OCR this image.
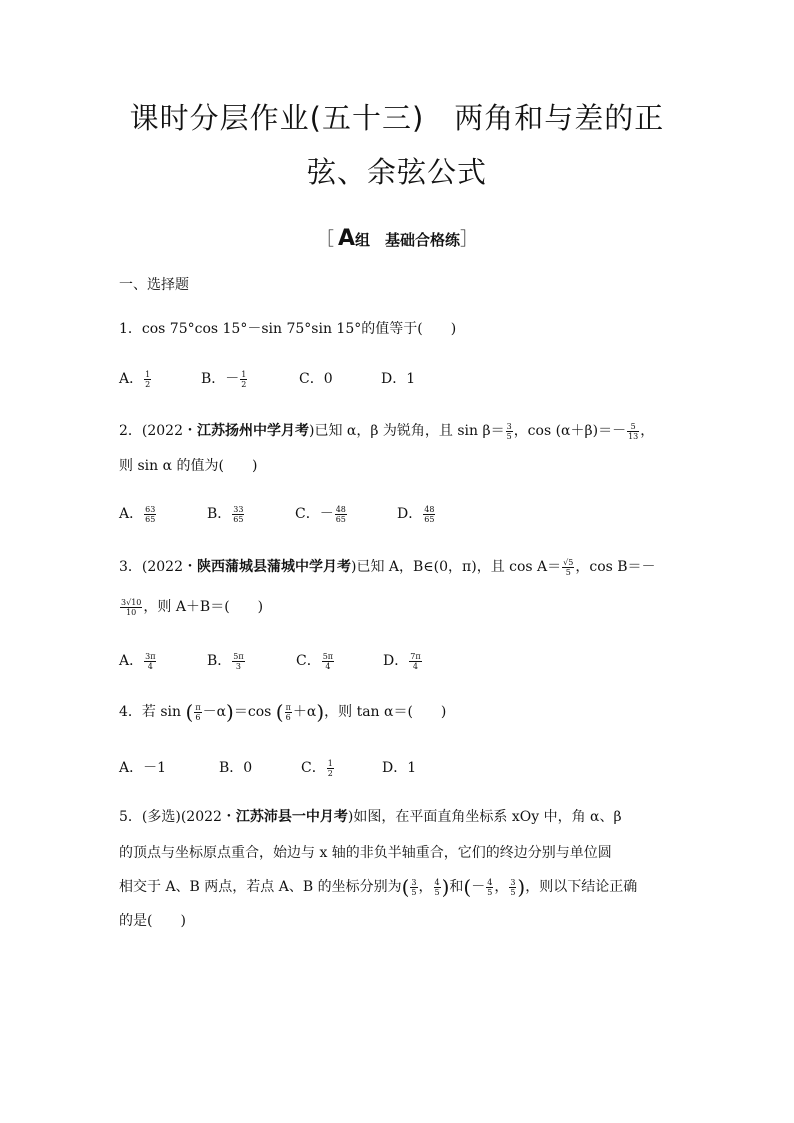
课时分层作业(五十三)　两角和与差的正
弦、余弦公式
［ A组　基础合格练］
一、选择题
1．cos 75°cos 15°－sin 75°sin 15°的值等于(　　)
A． $\frac{1}{2}$	B．－ $\frac{1}{2}$	C．0	D．1
2．(2022・江苏扬州中学月考)已知 α，β 为锐角，且 $\sin \beta= \frac{3}{5}$ ，$\cos (\alpha+\beta)=- \frac{5}{13}$ ，
则 sin α 的值为(　　)
A． $\frac{63}{65}$	B． $\frac{33}{65}$	C．－ $\frac{48}{65}$	D． $\frac{48}{65}$
3．(2022・陕西蒲城县蒲城中学月考)已知 A，B∈(0，π)，且 $\cos A= \frac{√5}{5}$ ，cos B＝－
$\frac{3√10}{10}$ ，则 A＋B＝(　　)
A． $\frac{3\pi}{4}$	B． $\frac{5\pi}{3}$	C． $\frac{5\pi}{4}$	D． $\frac{7\pi}{4}$
4．若 sin ( $\frac{\pi}{6} -\alpha)=\cos$ ( $\frac{\pi}{6} +\alpha$)，则 tan α＝(　　)
A．－1	B．0	C． $\frac{1}{2}$	D．1
5．(多选)(2022・江苏沛县一中月考)如图，在平面直角坐标系 xOy 中，角 α、β
的顶点与坐标原点重合，始边与 x 轴的非负半轴重合，它们的终边分别与单位圆
相交于 A、B 两点，若点 A、B 的坐标分别为( $\frac{3}{5}$ ， $\frac{4}{5}$ )和(－ $\frac{4}{5}$ ， $\frac{3}{5}$ )，则以下结论正确
的是(　　)
